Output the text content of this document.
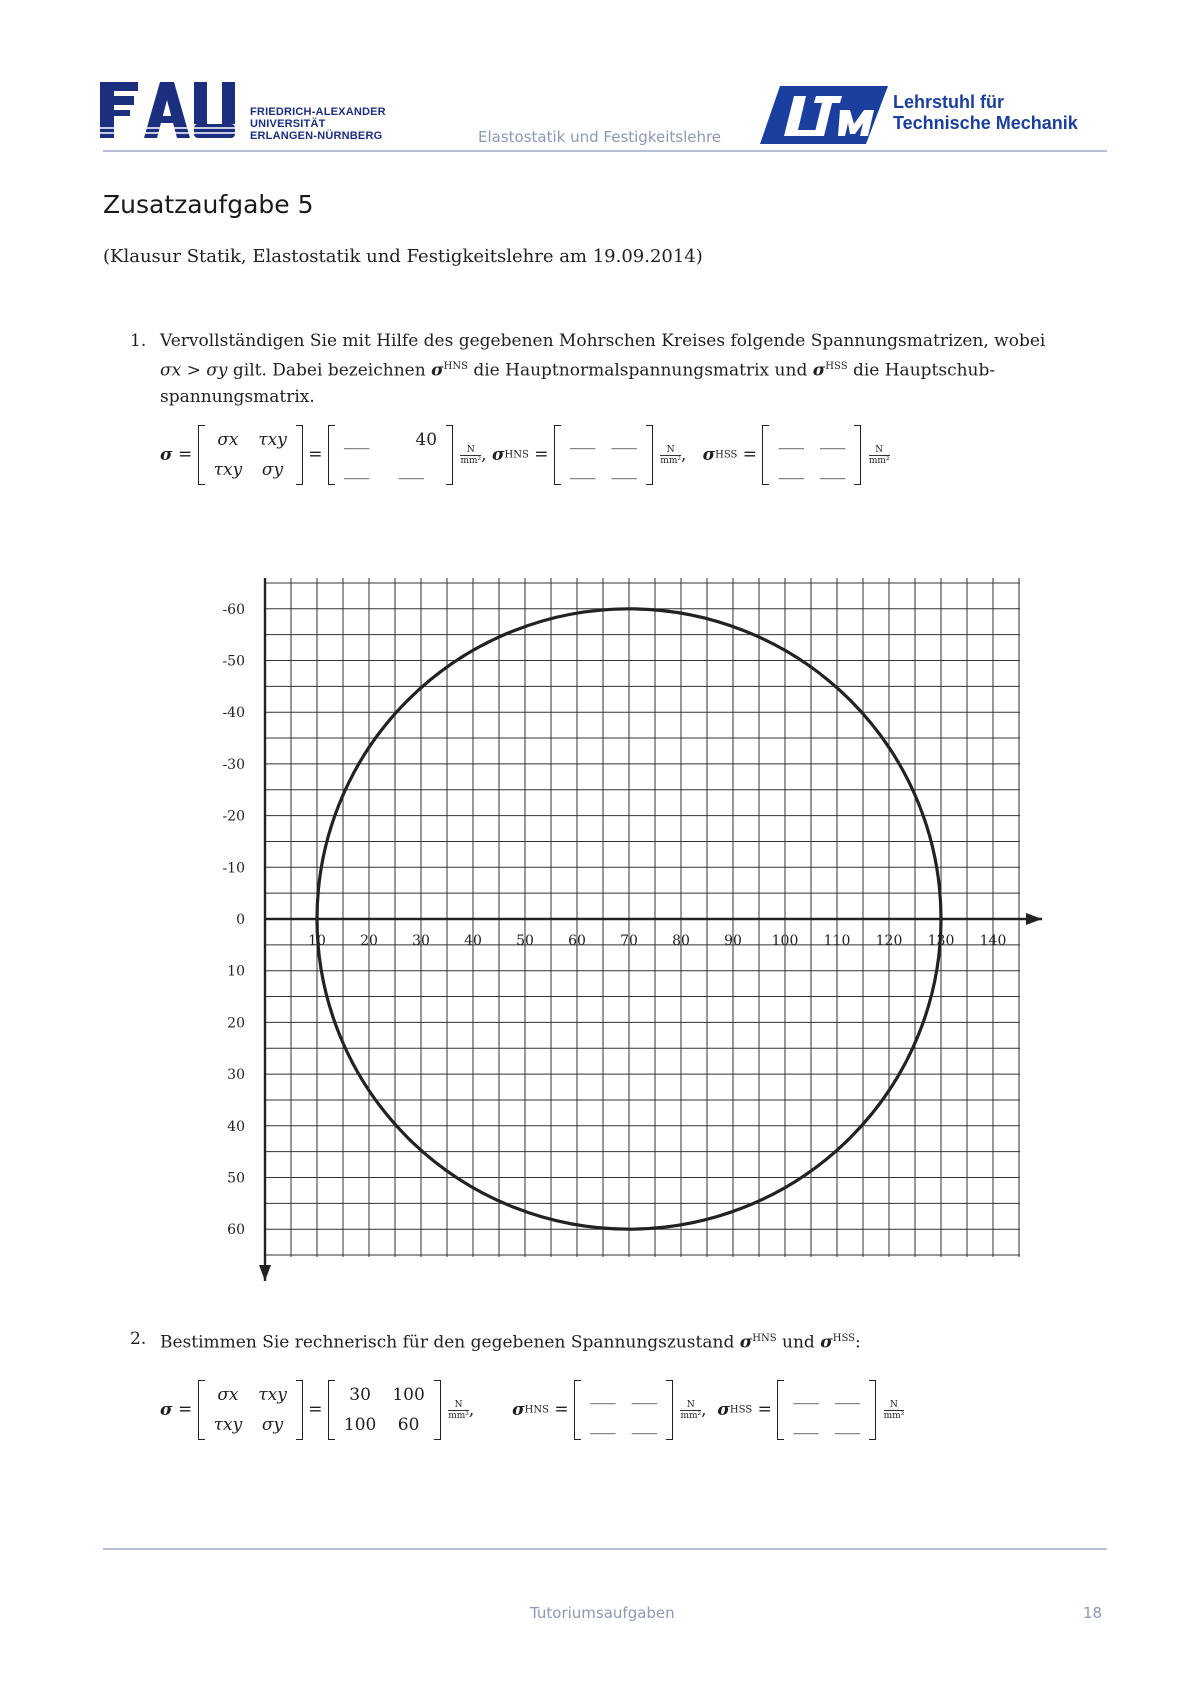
FRIEDRICH-ALEXANDER
UNIVERSITÄT
ERLANGEN-NÜRNBERG	Elastostatik und Festigkeitslehre
Lehrstuhl für
Technische Mechanik
Zusatzaufgabe 5
(Klausur Statik, Elastostatik und Festigkeitslehre am 19.09.2014)
1. Vervollständigen Sie mit Hilfe des gegebenen Mohrschen Kreises folgende Spannungsmatrizen, wobei
σx > σy gilt. Dabei bezeichnen $\sigma^{HNS}$ die Hauptnormalspannungsmatrix und $\sigma^{HSS}$ die Hauptschub-
spannungsmatrix.
σ =
σx	τxy
τxy	σy
=
___	40
___	___

$\frac{N}{\text{mm²}}$ , σHNS =
___	___
___	___

$\frac{N}{\text{mm²}}$ , σHSS =
___	___
___	___

$\frac{N}{\text{mm²}}$
10 20 30 40 50 60 70 80 90 100 110 120 130 140
-60
-50
-40
-30
-20
-10
0
10
20
30
40
50
60
2. Bestimmen Sie rechnerisch für den gegebenen Spannungszustand $\sigma^{HNS}$ und $\sigma^{HSS}$:
σ =
σx	τxy
τxy	σy
=
30	100
100	60

$\frac{N}{\text{mm²}}$ , σHNS =
___	___
___	___

$\frac{N}{\text{mm²}}$ , σHSS =
___	___
___	___

$\frac{N}{\text{mm²}}$
Tutoriumsaufgaben	18
